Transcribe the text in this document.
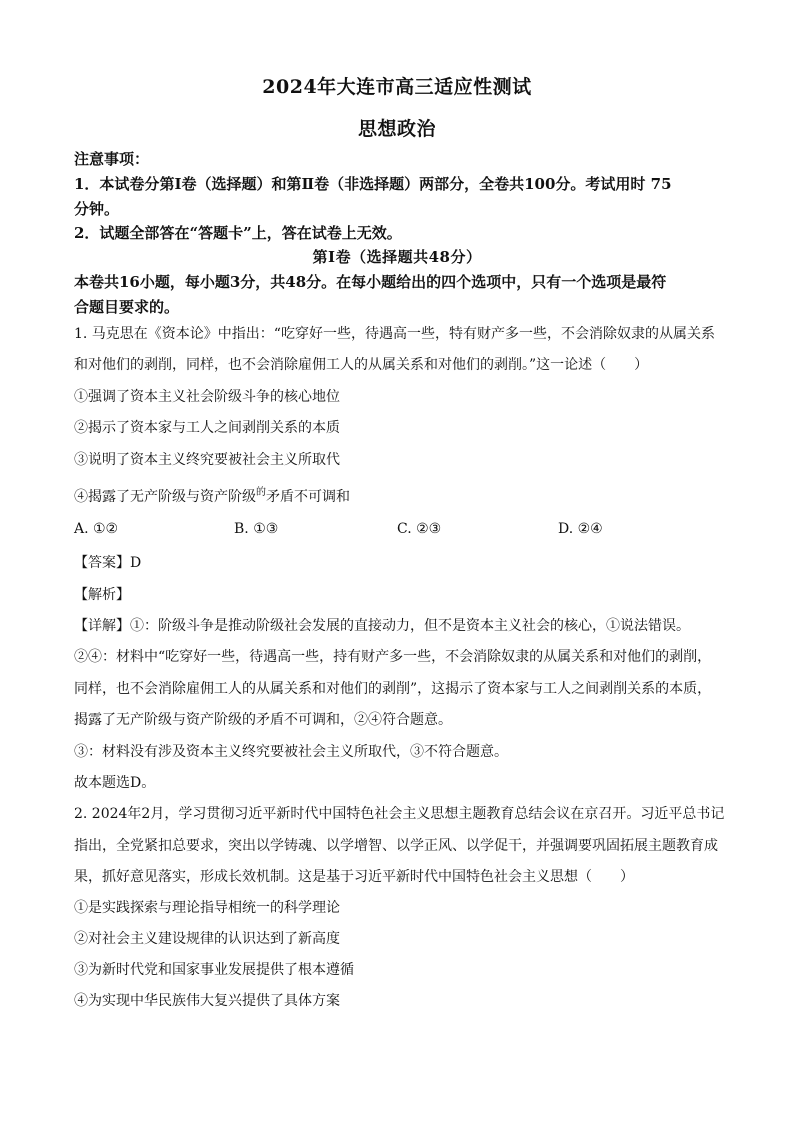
2024年大连市高三适应性测试
思想政治
注意事项：
1．本试卷分第Ⅰ卷（选择题）和第Ⅱ卷（非选择题）两部分，全卷共100分。考试用时 75
分钟。
2．试题全部答在“答题卡”上，答在试卷上无效。
第Ⅰ卷（选择题共48分）
本卷共16小题，每小题3分，共48分。在每小题给出的四个选项中，只有一个选项是最符
合题目要求的。
1. 马克思在《资本论》中指出：“吃穿好一些，待遇高一些，特有财产多一些，不会消除奴隶的从属关系
和对他们的剥削，同样，也不会消除雇佣工人的从属关系和对他们的剥削。”这一论述（　　）
①强调了资本主义社会阶级斗争的核心地位
②揭示了资本家与工人之间剥削关系的本质
③说明了资本主义终究要被社会主义所取代
④揭露了无产阶级与资产阶级$^的$矛盾不可调和
A. ①②	B. ①③	C. ②③	D. ②④
【答案】D
【解析】
【详解】①：阶级斗争是推动阶级社会发展的直接动力，但不是资本主义社会的核心，①说法错误。
②④：材料中“吃穿好一些，待遇高一些，持有财产多一些，不会消除奴隶的从属关系和对他们的剥削，
同样，也不会消除雇佣工人的从属关系和对他们的剥削”，这揭示了资本家与工人之间剥削关系的本质，
揭露了无产阶级与资产阶级的矛盾不可调和，②④符合题意。
③：材料没有涉及资本主义终究要被社会主义所取代，③不符合题意。
故本题选D。
2. 2024年2月，学习贯彻习近平新时代中国特色社会主义思想主题教育总结会议在京召开。习近平总书记
指出，全党紧扣总要求，突出以学铸魂、以学增智、以学正风、以学促干，并强调要巩固拓展主题教育成
果，抓好意见落实，形成长效机制。这是基于习近平新时代中国特色社会主义思想（　　）
①是实践探索与理论指导相统一的科学理论
②对社会主义建设规律的认识达到了新高度
③为新时代党和国家事业发展提供了根本遵循
④为实现中华民族伟大复兴提供了具体方案
